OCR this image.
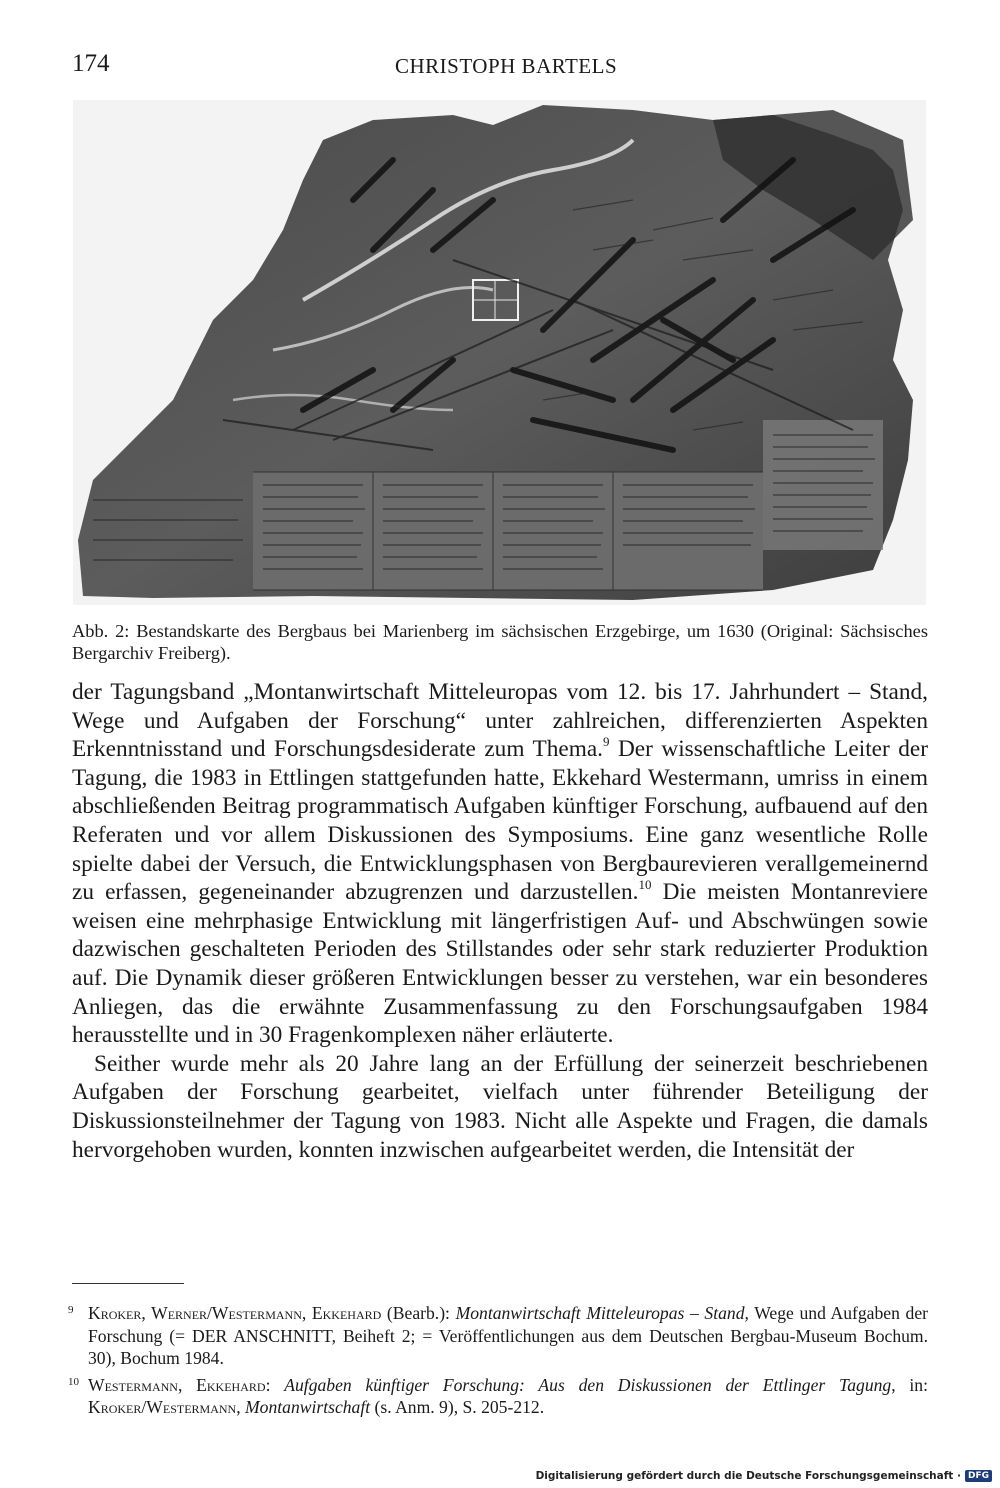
174	CHRISTOPH BARTELS
Abb. 2: Bestandskarte des Bergbaus bei Marienberg im sächsischen Erzgebirge, um 1630 (Original: Sächsisches Bergarchiv Freiberg).

der Tagungsband „Montanwirtschaft Mitteleuropas vom 12. bis 17. Jahrhundert – Stand, Wege und Aufgaben der Forschung“ unter zahlreichen, differenzierten Aspekten Erkenntnisstand und Forschungsdesiderate zum Thema.$^9$ Der wissenschaftliche Leiter der Tagung, die 1983 in Ettlingen stattgefunden hatte, Ekkehard Westermann, umriss in einem abschließenden Beitrag programmatisch Aufgaben künftiger Forschung, aufbauend auf den Referaten und vor allem Diskussionen des Symposiums. Eine ganz wesentliche Rolle spielte dabei der Versuch, die Entwicklungsphasen von Bergbaurevieren verallgemeinernd zu erfassen, gegeneinander abzugrenzen und darzustellen.$^{10}$ Die meisten Montanreviere weisen eine mehrphasige Entwicklung mit längerfristigen Auf- und Abschwüngen sowie dazwischen geschalteten Perioden des Stillstandes oder sehr stark reduzierter Produktion auf. Die Dynamik dieser größeren Entwicklungen besser zu verstehen, war ein besonderes Anliegen, das die erwähnte Zusammenfassung zu den Forschungsaufgaben 1984 herausstellte und in 30 Fragenkomplexen näher erläuterte.

Seither wurde mehr als 20 Jahre lang an der Erfüllung der seinerzeit beschriebenen Aufgaben der Forschung gearbeitet, vielfach unter führender Beteiligung der Diskussionsteilnehmer der Tagung von 1983. Nicht alle Aspekte und Fragen, die damals hervorgehoben wurden, konnten inzwischen aufgearbeitet werden, die Intensität der

9 Kroker, Werner/Westermann, Ekkehard (Bearb.): Montanwirtschaft Mitteleuropas – Stand, Wege und Aufgaben der Forschung (= DER ANSCHNITT, Beiheft 2; = Veröffentlichungen aus dem Deutschen Bergbau-Museum Bochum. 30), Bochum 1984.
10 Westermann, Ekkehard: Aufgaben künftiger Forschung: Aus den Diskussionen der Ettlinger Tagung, in: Kroker/Westermann, Montanwirtschaft (s. Anm. 9), S. 205-212.
Digitalisierung gefördert durch die Deutsche Forschungsgemeinschaft · DFG
